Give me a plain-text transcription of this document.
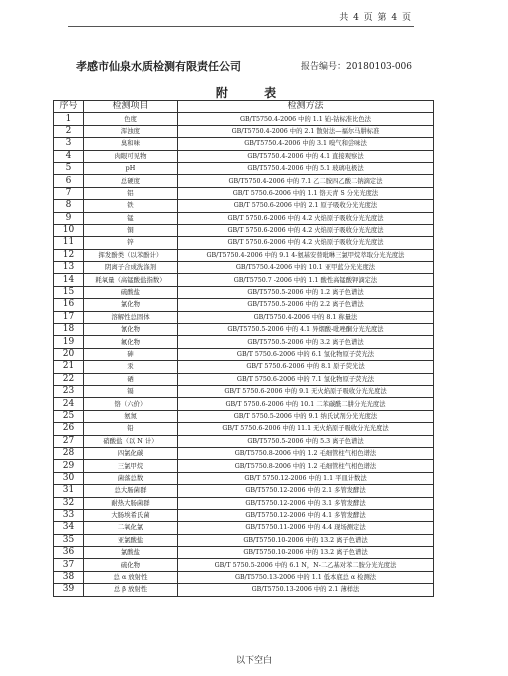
共 4 页 第 4 页
孝感市仙泉水质检测有限责任公司	报告编号：20180103-006
附 表
序号	检测项目	检测方法
1	色度	GB/T5750.4-2006 中的 1.1 铂-钴标准比色法
2	浑浊度	GB/T5750.4-2006 中的 2.1 散射法—福尔马肼标准
3	臭和味	GB/T5750.4-2006 中的 3.1 嗅气和尝味法
4	肉眼可见物	GB/T5750.4-2006 中的 4.1 直接观察法
5	pH	GB/T5750.4-2006 中的 5.1 玻璃电极法
6	总硬度	GB/T5750.4-2006 中的 7.1 乙二胺四乙酸二钠滴定法
7	铝	GB/T 5750.6-2006 中的 1.1 铬天青 S 分光光度法
8	铁	GB/T 5750.6-2006 中的 2.1 原子吸收分光光度法
9	锰	GB/T 5750.6-2006 中的 4.2 火焰原子吸收分光光度法
10	铜	GB/T 5750.6-2006 中的 4.2 火焰原子吸收分光光度法
11	锌	GB/T 5750.6-2006 中的 4.2 火焰原子吸收分光光度法
12	挥发酚类（以苯酚计）	GB/T5750.4-2006 中的 9.1 4-氨基安替吡啉三氯甲烷萃取分光光度法
13	阴离子合成洗涤剂	GB/T5750.4-2006 中的 10.1 亚甲蓝分光光度法
14	耗氧量（高锰酸盐指数）	GB/T5750.7 -2006 中的 1.1 酸性高锰酸钾滴定法
15	硫酸盐	GB/T5750.5-2006 中的 1.2 离子色谱法
16	氯化物	GB/T5750.5-2006 中的 2.2 离子色谱法
17	溶解性总固体	GB/T5750.4-2006 中的 8.1 称量法
18	氰化物	GB/T5750.5-2006 中的 4.1 异烟酸-吡唑酮分光光度法
19	氟化物	GB/T5750.5-2006 中的 3.2 离子色谱法
20	砷	GB/T 5750.6-2006 中的 6.1 氢化物原子荧光法
21	汞	GB/T 5750.6-2006 中的 8.1 原子荧光法
22	硒	GB/T 5750.6-2006 中的 7.1 氢化物原子荧光法
23	镉	GB/T 5750.6-2006 中的 9.1 无火焰原子吸收分光光度法
24	铬（六价）	GB/T 5750.6-2006 中的 10.1 二苯碳酰二肼分光光度法
25	氨氮	GB/T 5750.5-2006 中的 9.1 纳氏试剂分光光度法
26	铅	GB/T 5750.6-2006 中的 11.1 无火焰原子吸收分光光度法
27	硝酸盐（以 N 计）	GB/T5750.5-2006 中的 5.3 离子色谱法
28	四氯化碳	GB/T5750.8-2006 中的 1.2 毛细管柱气相色谱法
29	三氯甲烷	GB/T5750.8-2006 中的 1.2 毛细管柱气相色谱法
30	菌落总数	GB/T 5750.12-2006 中的 1.1 平皿计数法
31	总大肠菌群	GB/T5750.12-2006 中的 2.1 多管发酵法
32	耐热大肠菌群	GB/T5750.12-2006 中的 3.1 多管发酵法
33	大肠埃希氏菌	GB/T5750.12-2006 中的 4.1 多管发酵法
34	二氧化氯	GB/T5750.11-2006 中的 4.4 现场测定法
35	亚氯酸盐	GB/T5750.10-2006 中的 13.2 离子色谱法
36	氯酸盐	GB/T5750.10-2006 中的 13.2 离子色谱法
37	硫化物	GB/T 5750.5-2006 中的 6.1 N，N-二乙基对苯二胺分光光度法
38	总 α 放射性	GB/T5750.13-2006 中的 1.1 低本底总 α 检测法
39	总 β 放射性	GB/T5750.13-2006 中的 2.1 薄样法
以下空白
